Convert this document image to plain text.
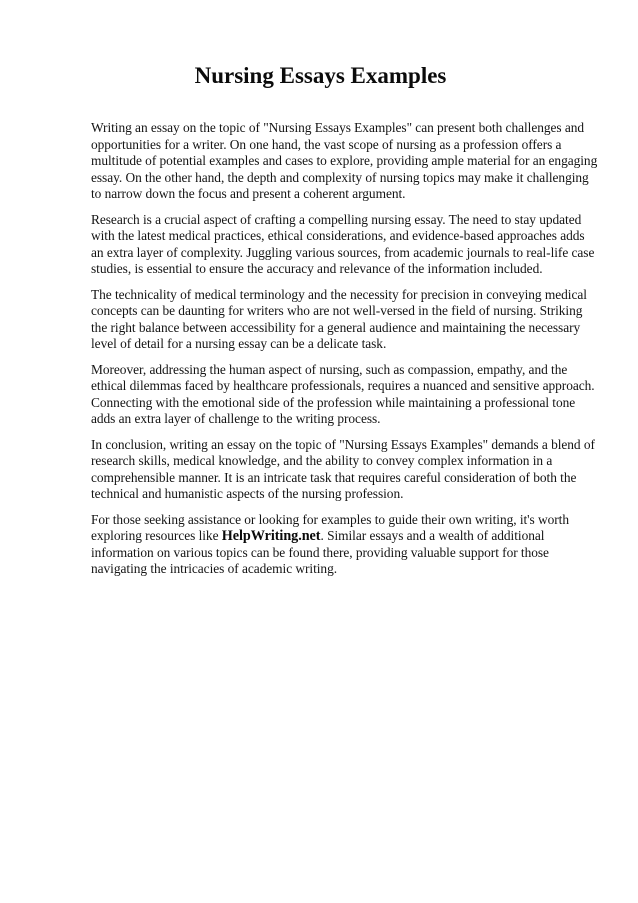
Nursing Essays Examples

Writing an essay on the topic of "Nursing Essays Examples" can present both challenges and opportunities for a writer. On one hand, the vast scope of nursing as a profession offers a multitude of potential examples and cases to explore, providing ample material for an engaging essay. On the other hand, the depth and complexity of nursing topics may make it challenging to narrow down the focus and present a coherent argument.

Research is a crucial aspect of crafting a compelling nursing essay. The need to stay updated with the latest medical practices, ethical considerations, and evidence-based approaches adds an extra layer of complexity. Juggling various sources, from academic journals to real-life case studies, is essential to ensure the accuracy and relevance of the information included.

The technicality of medical terminology and the necessity for precision in conveying medical concepts can be daunting for writers who are not well-versed in the field of nursing. Striking the right balance between accessibility for a general audience and maintaining the necessary level of detail for a nursing essay can be a delicate task.

Moreover, addressing the human aspect of nursing, such as compassion, empathy, and the ethical dilemmas faced by healthcare professionals, requires a nuanced and sensitive approach. Connecting with the emotional side of the profession while maintaining a professional tone adds an extra layer of challenge to the writing process.

In conclusion, writing an essay on the topic of "Nursing Essays Examples" demands a blend of research skills, medical knowledge, and the ability to convey complex information in a comprehensible manner. It is an intricate task that requires careful consideration of both the technical and humanistic aspects of the nursing profession.

For those seeking assistance or looking for examples to guide their own writing, it's worth exploring resources like HelpWriting.net. Similar essays and a wealth of additional information on various topics can be found there, providing valuable support for those navigating the intricacies of academic writing.
